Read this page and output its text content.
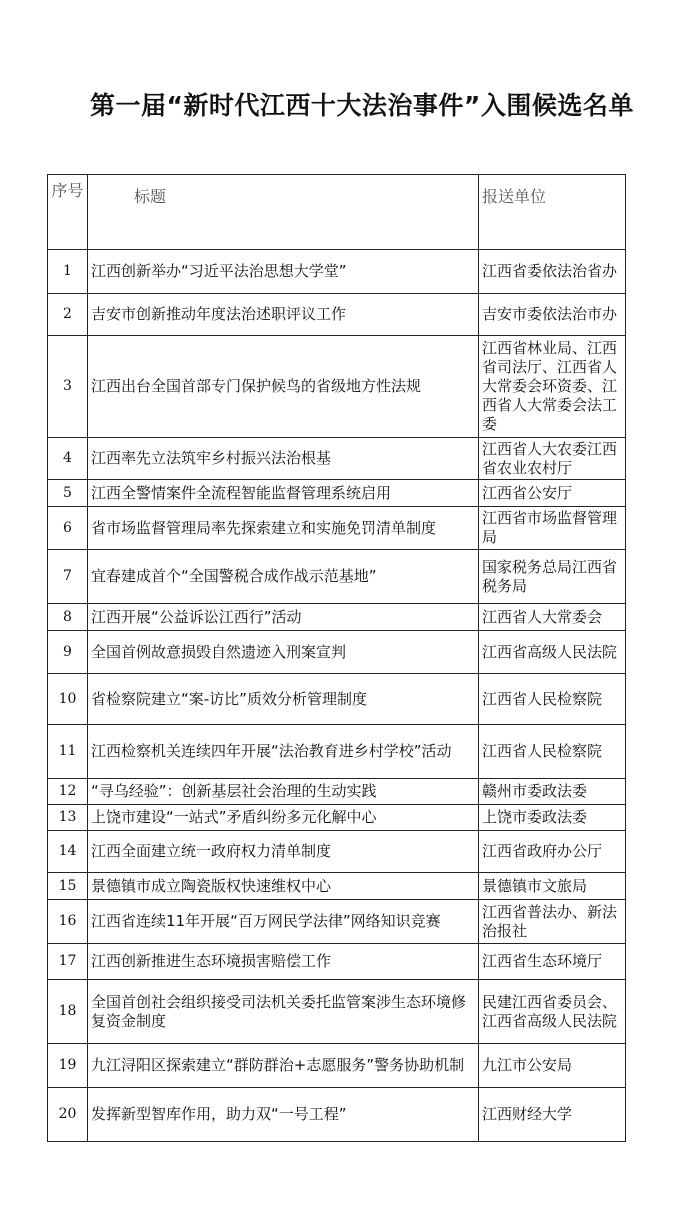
第一届“新时代江西十大法治事件”入围候选名单
序号	标题	报送单位
1	江西创新举办“习近平法治思想大学堂”	江西省委依法治省办
2	吉安市创新推动年度法治述职评议工作	吉安市委依法治市办
3	江西出台全国首部专门保护候鸟的省级地方性法规	江西省林业局、江西省司法厅、江西省人大常委会环资委、江西省人大常委会法工委
4	江西率先立法筑牢乡村振兴法治根基	江西省人大农委江西省农业农村厅
5	江西全警情案件全流程智能监督管理系统启用	江西省公安厅
6	省市场监督管理局率先探索建立和实施免罚清单制度	江西省市场监督管理局
7	宜春建成首个“全国警税合成作战示范基地”	国家税务总局江西省税务局
8	江西开展“公益诉讼江西行”活动	江西省人大常委会
9	全国首例故意损毁自然遗迹入刑案宣判	江西省高级人民法院
10	省检察院建立“案-访比”质效分析管理制度	江西省人民检察院
11	江西检察机关连续四年开展“法治教育进乡村学校”活动	江西省人民检察院
12	“寻乌经验”：创新基层社会治理的生动实践	赣州市委政法委
13	上饶市建设“一站式”矛盾纠纷多元化解中心	上饶市委政法委
14	江西全面建立统一政府权力清单制度	江西省政府办公厅
15	景德镇市成立陶瓷版权快速维权中心	景德镇市文旅局
16	江西省连续11年开展“百万网民学法律”网络知识竞赛	江西省普法办、新法治报社
17	江西创新推进生态环境损害赔偿工作	江西省生态环境厅
18	全国首创社会组织接受司法机关委托监管案涉生态环境修复资金制度	民建江西省委员会、江西省高级人民法院
19	九江浔阳区探索建立“群防群治+志愿服务”警务协助机制	九江市公安局
20	发挥新型智库作用，助力双“一号工程”	江西财经大学
